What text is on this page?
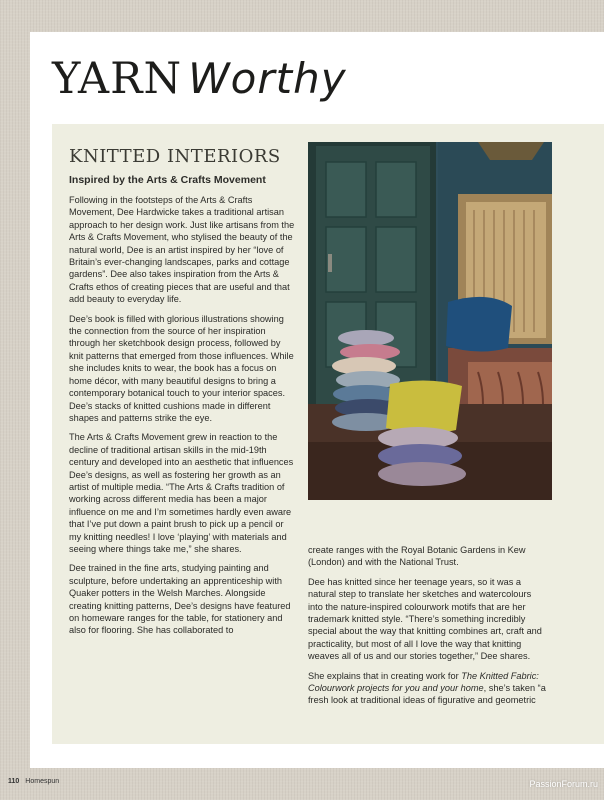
YARN Worthy
KNITTED INTERIORS
Inspired by the Arts & Crafts Movement

Following in the footsteps of the Arts & Crafts Movement, Dee Hardwicke takes a traditional artisan approach to her design work. Just like artisans from the Arts & Crafts Movement, who stylised the beauty of the natural world, Dee is an artist inspired by her “love of Britain’s ever-changing landscapes, parks and cottage gardens”. Dee also takes inspiration from the Arts & Crafts ethos of creating pieces that are useful and that add beauty to everyday life.

Dee’s book is filled with glorious illustrations showing the connection from the source of her inspiration through her sketchbook design process, followed by knit patterns that emerged from those influences. While she includes knits to wear, the book has a focus on home décor, with many beautiful designs to bring a contemporary botanical touch to your interior spaces. Dee’s stacks of knitted cushions made in different shapes and patterns strike the eye.

The Arts & Crafts Movement grew in reaction to the decline of traditional artisan skills in the mid-19th century and developed into an aesthetic that influences Dee’s designs, as well as fostering her growth as an artist of multiple media. “The Arts & Crafts tradition of working across different media has been a major influence on me and I’m sometimes hardly even aware that I’ve put down a paint brush to pick up a pencil or my knitting needles! I love ‘playing’ with materials and seeing where things take me,” she shares.

Dee trained in the fine arts, studying painting and sculpture, before undertaking an apprenticeship with Quaker potters in the Welsh Marches. Alongside creating knitting patterns, Dee’s designs have featured on homeware ranges for the table, for stationery and also for flooring. She has collaborated to

create ranges with the Royal Botanic Gardens in Kew (London) and with the National Trust.

Dee has knitted since her teenage years, so it was a natural step to translate her sketches and watercolours into the nature-inspired colourwork motifs that are her trademark knitted style. “There’s something incredibly special about the way that knitting combines art, craft and practicality, but most of all I love the way that knitting weaves all of us and our stories together,” Dee shares.

She explains that in creating work for The Knitted Fabric: Colourwork projects for you and your home, she’s taken “a fresh look at traditional ideas of figurative and geometric

110 Homespun	PassionForum.ru
